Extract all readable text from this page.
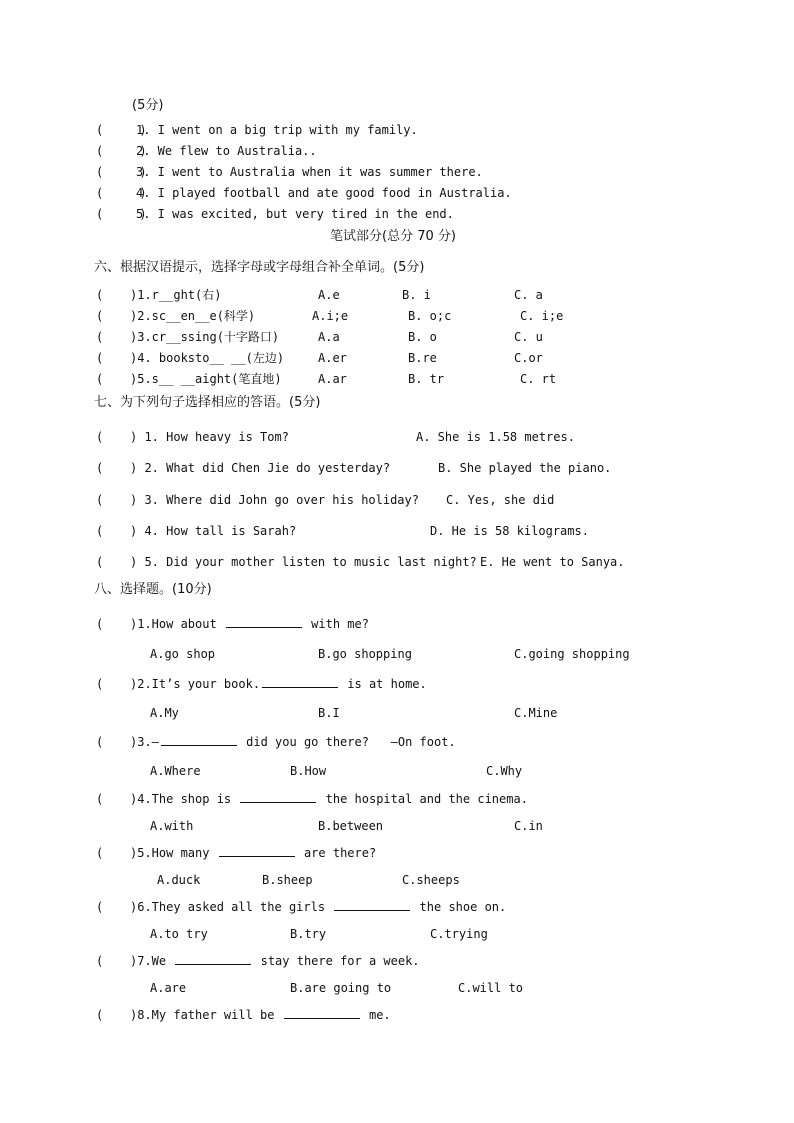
(5分)
(     )
1. I went on a big trip with my family.
(     )
2. We flew to Australia..
(     )
3. I went to Australia when it was summer there.
(     )
4. I played football and ate good food in Australia.
(     )
5. I was excited, but very tired in the end.
笔试部分(总分 70 分)
六、根据汉语提示，选择字母或字母组合补全单词。(5分)
( )1.r__ght(右)	A.e	B. i	C. a
( )2.sc__en__e(科学)	A.i;e	B. o;c	C. i;e
( )3.cr__ssing(十字路口)	A.a	B. o	C. u
( )4. booksto__ __(左边)	A.er	B.re	C.or
( )5.s__ __aight(笔直地)	A.ar	B. tr	C. rt
七、为下列句子选择相应的答语。(5分)
( ) 1. How heavy is Tom?	A. She is 1.58 metres.
( ) 2. What did Chen Jie do yesterday?	B. She played the piano.
( ) 3. Where did John go over his holiday? C. Yes, she did
( ) 4. How tall is Sarah?	D. He is 58 kilograms.
( ) 5. Did your mother listen to music last night? E. He went to Sanya.
八、选择题。(10分)
( )1.How about	with me?
A.go shop	B.go shopping	C.going shopping
( )2.It’s your book.	is at home.
A.My	B.I	C.Mine
( )3.—	did you go there?   —On foot.
A.Where	B.How	C.Why
( )4.The shop is	the hospital and the cinema.
A.with	B.between	C.in
( )5.How many	are there?
A.duck	B.sheep	C.sheeps
( )6.They asked all the girls	the shoe on.
A.to try	B.try	C.trying
( )7.We	stay there for a week.
A.are	B.are going to	C.will to
( )8.My father will be	me.
